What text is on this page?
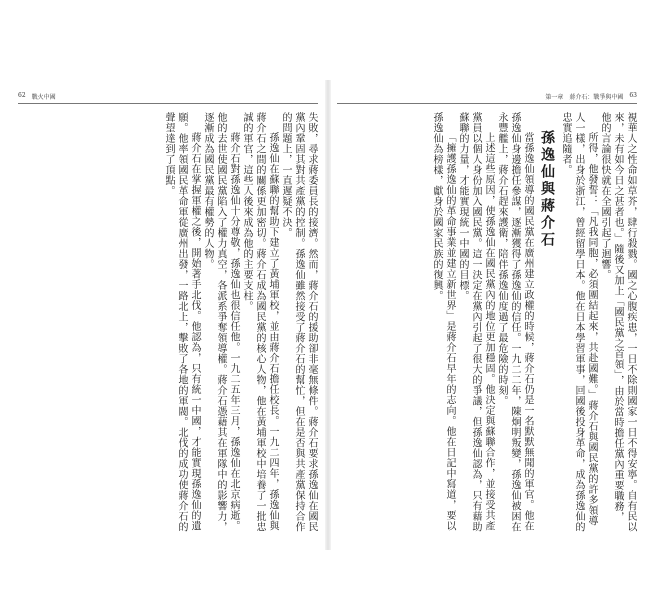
62 戰火中國

失敗，尋求蔣委員長的接濟。然而，蔣介石的援助卻非毫無條件。蔣介石要求孫逸仙在國民黨內鞏固其對共產黨的控制。孫逸仙雖然接受了蔣介石的幫忙，但在是否與共產黨保持合作的問題上，一直遲疑不決。

孫逸仙在蘇聯的幫助下建立了黃埔軍校，並由蔣介石擔任校長。一九二四年，孫逸仙與蔣介石之間的關係更加密切。蔣介石成為國民黨的核心人物，他在黃埔軍校中培養了一批忠誠的軍官，這些人後來成為他的主要支柱。

蔣介石對孫逸仙十分尊敬，孫逸仙也很信任他。一九二五年三月，孫逸仙在北京病逝。他的去世使國民黨陷入了權力真空，各派系爭奪領導權。蔣介石憑藉其在軍隊中的影響力，逐漸成為國民黨最有權勢的人物。

蔣介石在掌握軍權之後，開始著手北伐。他認為，只有統一中國，才能實現孫逸仙的遺願。他率領國民革命軍從廣州出發，一路北上，擊敗了各地的軍閥。北伐的成功使蔣介石的聲望達到了頂點。

第一章　蔣介石：戰爭與中國 63

視華人之性命如草芥，肆行殺戮。國之心腹疾患，一日不除則國家一日不得安寧。自有民以來，未有如今日之甚者也。」隨後又加上「國民黨之首領」，由於當時擔任黨內重要職務，他的言論很快就在全國引起了迴響。

所得，他發誓：「凡我同胞，必須團結起來，共赴國難。」蔣介石與國民黨的許多領導人一樣，出身於浙江，曾經留學日本。他在日本學習軍事，回國後投身革命，成為孫逸仙的忠實追隨者。

孫逸仙與蔣介石

當孫逸仙領導的國民黨在廣州建立政權的時候，蔣介石仍是一名默默無聞的軍官。他在孫逸仙身邊擔任參謀，逐漸獲得了孫逸仙的信任。一九二二年，陳炯明叛變，孫逸仙被困在永豐艦上，蔣介石趕來護衛，陪伴孫逸仙度過了最危險的時刻。

上述這些原因，使孫逸仙在國民黨內的地位更加穩固。他決定與蘇聯合作，並接受共產黨員以個人身份加入國民黨。這一決定在黨內引起了很大的爭議，但孫逸仙認為，只有藉助蘇聯的力量，才能實現統一中國的目標。

「擁護孫逸仙的革命事業並建立新世界」是蔣介石早年的志向。他在日記中寫道，要以孫逸仙為榜樣，獻身於國家民族的復興。
